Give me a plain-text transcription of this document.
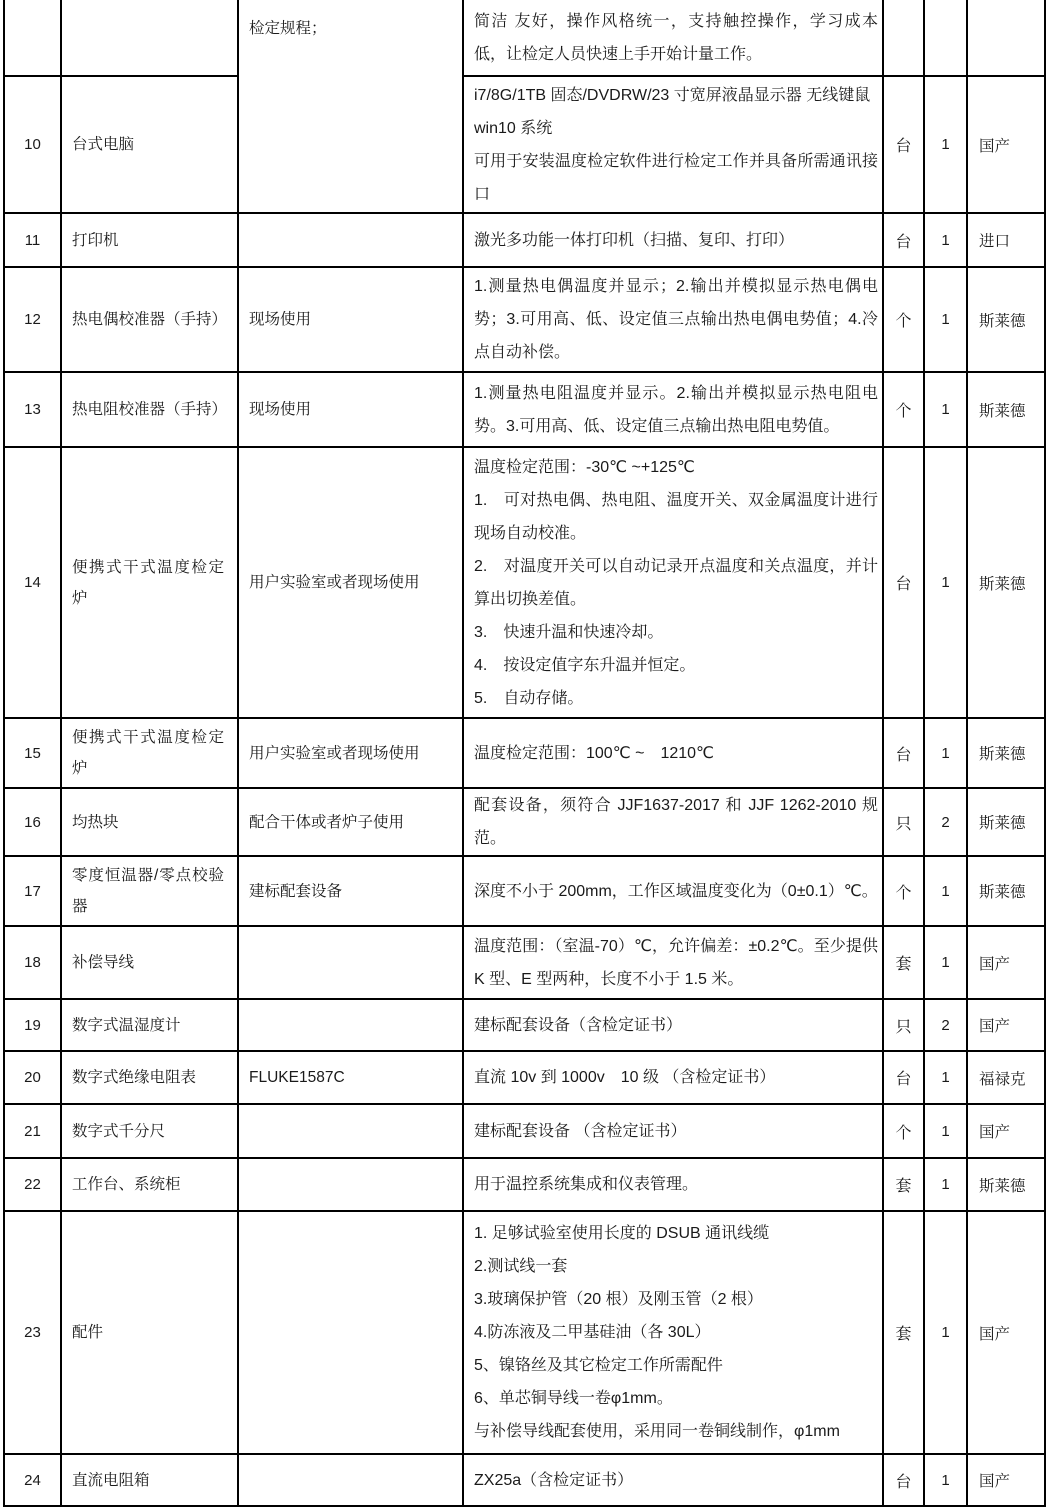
		检定规程；	简洁 友好，操作风格统一，支持触控操作，学习成本低，让检定人员快速上手开始计量工作。			

10	台式电脑		i7/8G/1TB 固态/DVDRW/23 寸宽屏液晶显示器 无线键鼠

win10 系统

可用于安装温度检定软件进行检定工作并具备所需通讯接口	台	1	国产
11	打印机		激光多功能一体打印机（扫描、复印、打印）	台	1	进口
12	热电偶校准器（手持）	现场使用	1.测量热电偶温度并显示；2.输出并模拟显示热电偶电势；3.可用高、低、设定值三点输出热电偶电势值；4.冷点自动补偿。	个	1	斯莱德
13	热电阻校准器（手持）	现场使用	1.测量热电阻温度并显示。2.输出并模拟显示热电阻电势。3.可用高、低、设定值三点输出热电阻电势值。	个	1	斯莱德
14	便携式干式温度检定炉	用户实验室或者现场使用	

温度检定范围：-30℃ ~+125℃

1.　可对热电偶、热电阻、温度开关、双金属温度计进行现场自动校准。

2.　对温度开关可以自动记录开点温度和关点温度，并计算出切换差值。

3.　快速升温和快速冷却。

4.　按设定值字东升温并恒定。

5.　自动存储。

	台	1	斯莱德
15	便携式干式温度检定炉	用户实验室或者现场使用	温度检定范围：100℃ ~　1210℃	台	1	斯莱德
16	均热块	配合干体或者炉子使用	配套设备，须符合 JJF1637-2017 和 JJF 1262-2010 规范。	只	2	斯莱德
17	零度恒温器/零点校验器	建标配套设备	深度不小于 200mm，工作区域温度变化为（0±0.1）℃。	个	1	斯莱德
18	补偿导线		温度范围：（室温-70）℃，允许偏差：±0.2℃。至少提供 K 型、E 型两种，长度不小于 1.5 米。	套	1	国产
19	数字式温湿度计		建标配套设备（含检定证书）	只	2	国产
20	数字式绝缘电阻表	FLUKE1587C	直流 10v 到 1000v　10 级 （含检定证书）	台	1	福禄克
21	数字式千分尺		建标配套设备 （含检定证书）	个	1	国产
22	工作台、系统柜		用于温控系统集成和仪表管理。	套	1	斯莱德
23	配件		

1. 足够试验室使用长度的 DSUB 通讯线缆

2.测试线一套

3.玻璃保护管（20 根）及刚玉管（2 根）

4.防冻液及二甲基硅油（各 30L）

5、镍铬丝及其它检定工作所需配件

6、单芯铜导线一卷φ1mm。

与补偿导线配套使用，采用同一卷铜线制作，φ1mm

	套	1	国产
24	直流电阻箱		ZX25a（含检定证书）	台	1	国产
